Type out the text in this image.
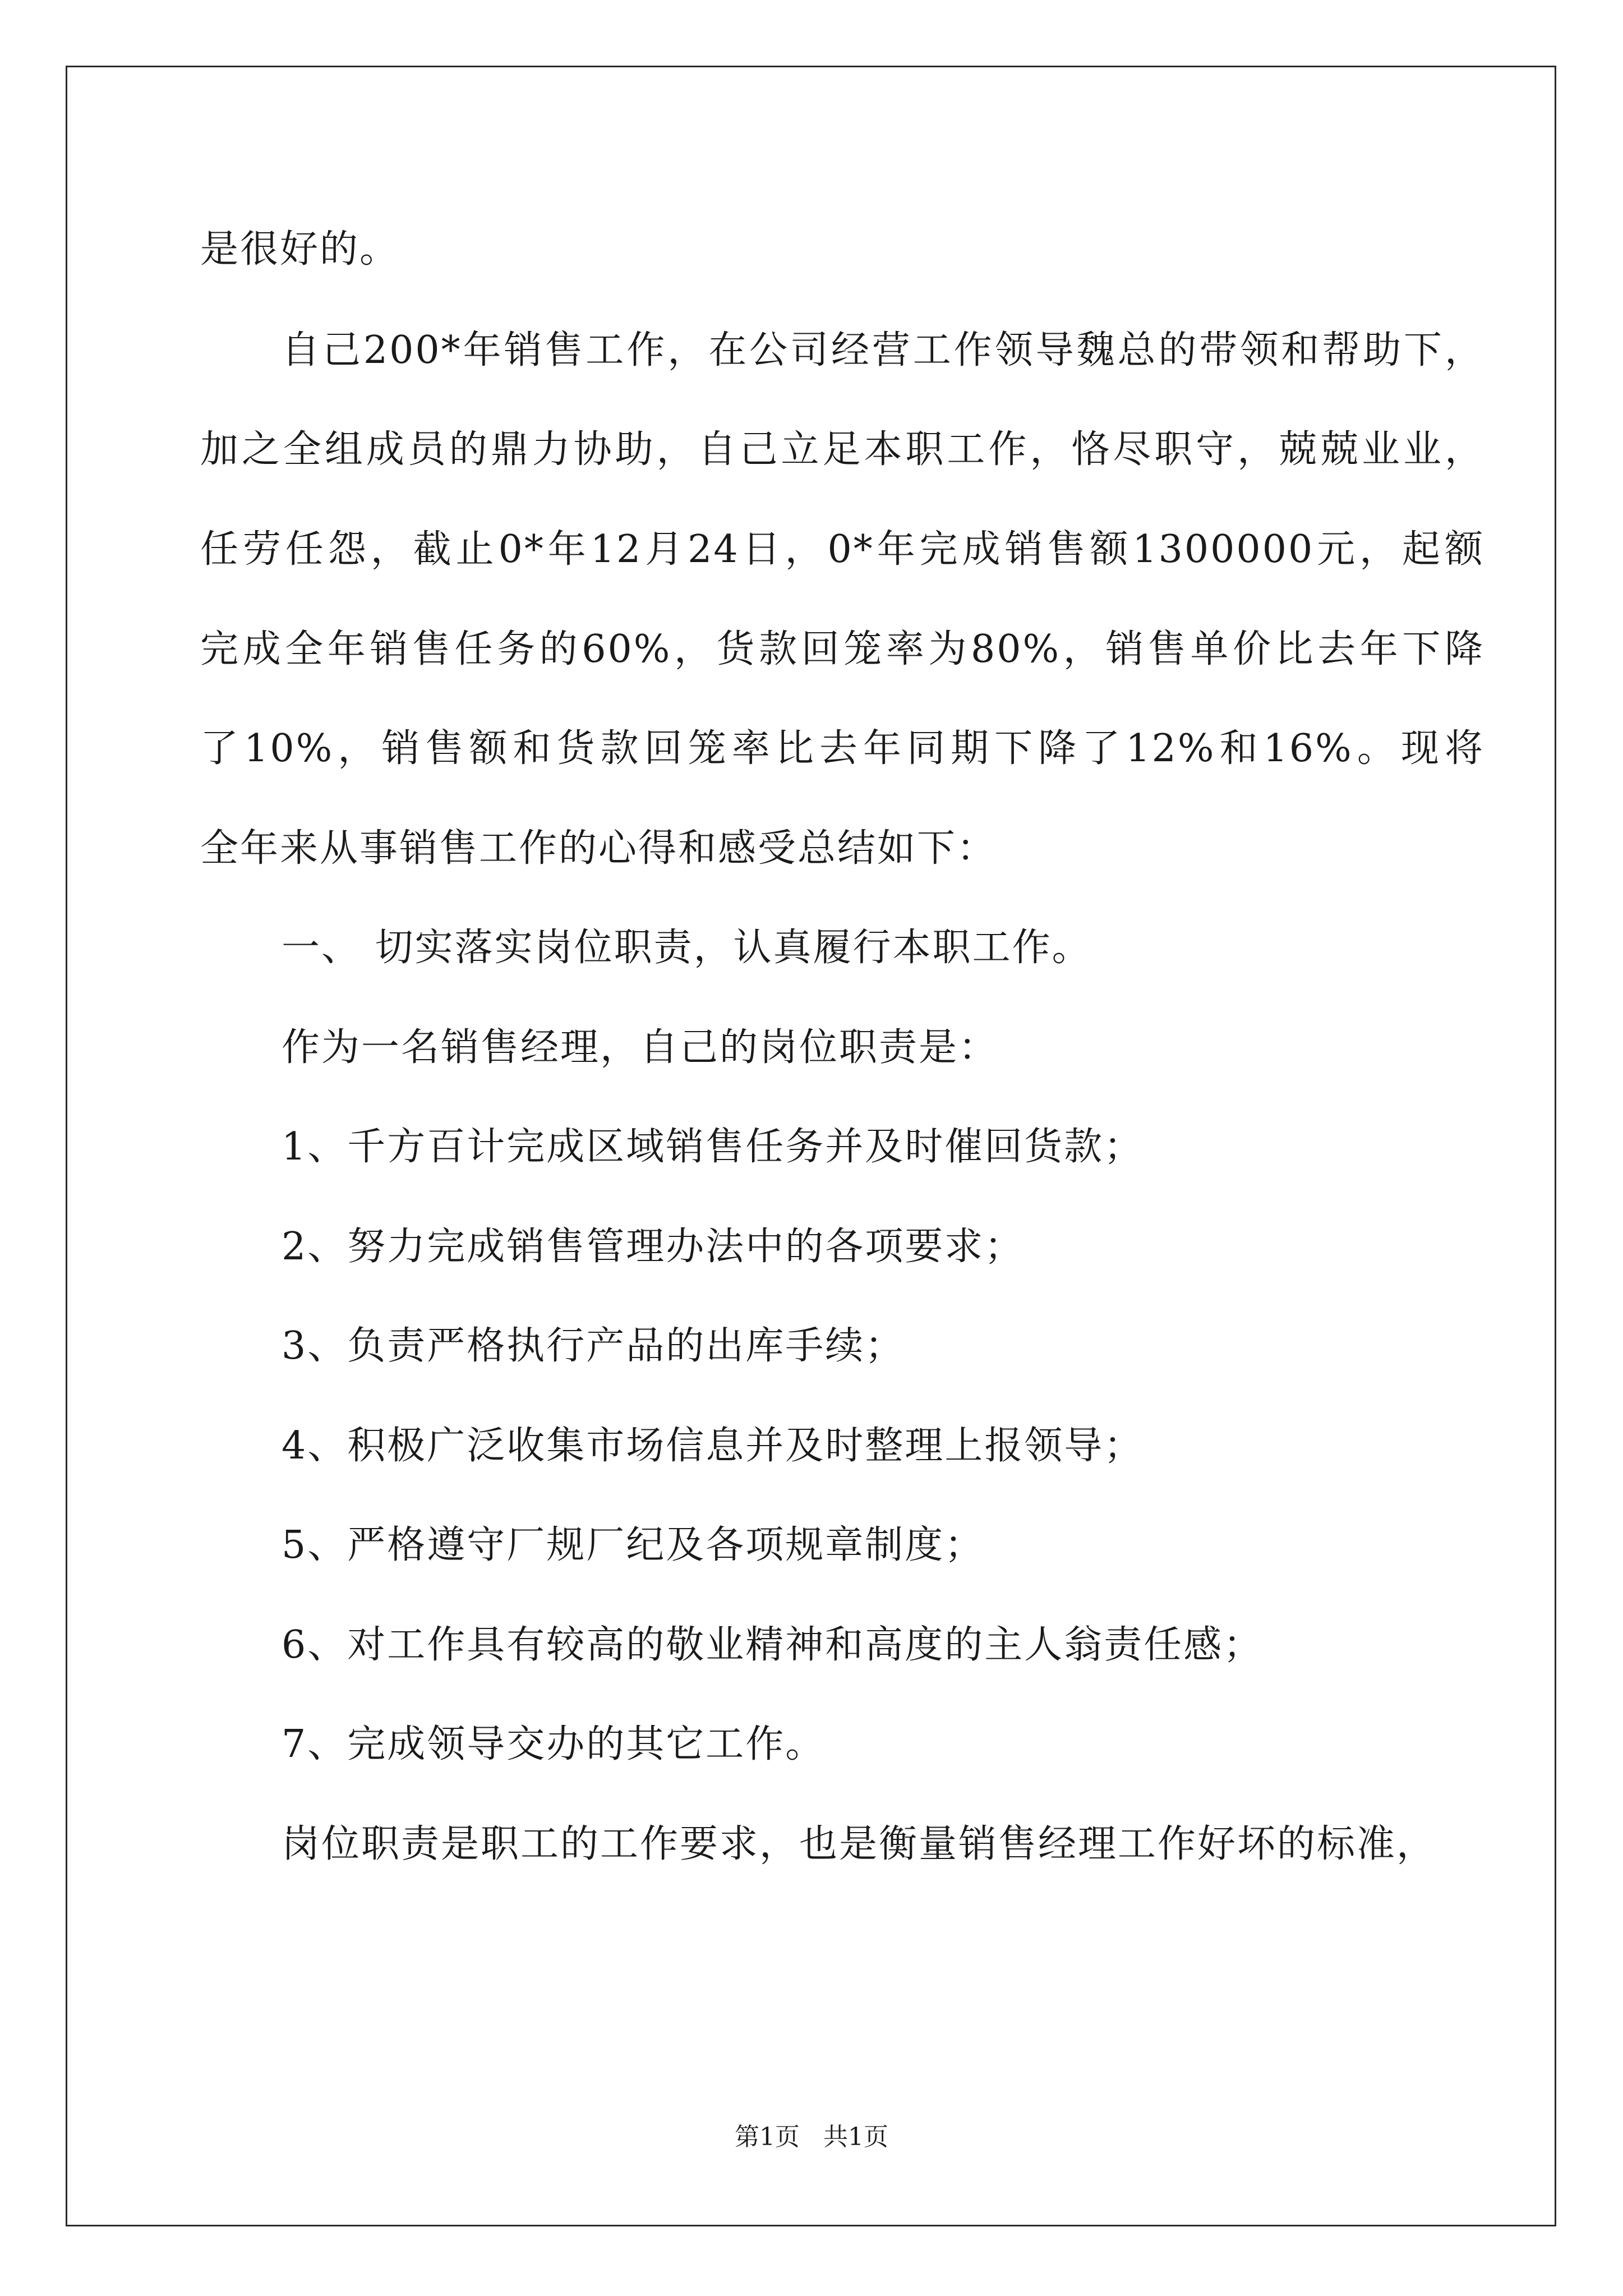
是很好的。
自己200*年销售工作，在公司经营工作领导魏总的带领和帮助下，
加之全组成员的鼎力协助，自己立足本职工作，恪尽职守，兢兢业业，
任劳任怨，截止0*年12月24日，0*年完成销售额1300000元，起额
完成全年销售任务的60%，货款回笼率为80%，销售单价比去年下降
了10%，销售额和货款回笼率比去年同期下降了12%和16%。现将
全年来从事销售工作的心得和感受总结如下：
一、 切实落实岗位职责，认真履行本职工作。
作为一名销售经理，自己的岗位职责是：
1、千方百计完成区域销售任务并及时催回货款；
2、努力完成销售管理办法中的各项要求；
3、负责严格执行产品的出库手续；
4、积极广泛收集市场信息并及时整理上报领导；
5、严格遵守厂规厂纪及各项规章制度；
6、对工作具有较高的敬业精神和高度的主人翁责任感；
7、完成领导交办的其它工作。
岗位职责是职工的工作要求，也是衡量销售经理工作好坏的标准，
第1页   共1页
